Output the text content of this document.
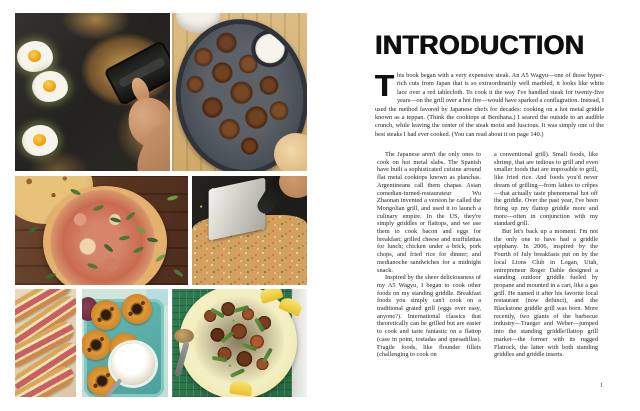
INTRODUCTION

This book began with a very expensive steak. An A5 Wagyu—one of those hyper-rich cuts from Japan that is so extraordinarily well marbled, it looks like white lace over a red tablecloth. To cook it the way I've handled steak for twenty-five years—on the grill over a hot fire—would have sparked a conflagration. Instead, I used the method favored by Japanese chefs for decades: cooking on a hot metal griddle known as a teppan. (Think the cooktops at Benihana.) I seared the outside to an audible crunch, while leaving the center of the steak moist and luscious. It was simply one of the best steaks I had ever cooked. (You can read about it on page 140.)

The Japanese aren't the only ones to cook on hot metal slabs. The Spanish have built a sophisticated cuisine around flat metal cooktops known as planchas. Argentineans call them chapas. Asian comedian-turned-restaurateur Wu Zhaonan invented a version he called the Mongolian grill, and used it to launch a culinary empire. In the US, they're simply griddles or flattops, and we use them to cook bacon and eggs for breakfast; grilled cheese and muffulettas for lunch; chicken under a brick, pork chops, and fried rice for dinner; and medianoche sandwiches for a midnight snack.

Inspired by the sheer deliciousness of my A5 Wagyu, I began to cook other foods on my standing griddle. Breakfast foods you simply can't cook on a traditional grated grill (eggs over easy, anyone?). International classics that theoretically can be grilled but are easier to cook and taste fantastic on a flattop (case in point, tostadas and quesadillas). Fragile foods, like flounder fillets (challenging to cook on

a conventional grill). Small foods, like shrimp, that are tedious to grill and even smaller foods that are impossible to grill, like fried rice. And foods you'd never dream of grilling—from latkes to crêpes—that actually taste phenomenal hot off the griddle. Over the past year, I've been firing up my flattop griddle more and more—often in conjunction with my standard grill.

But let's back up a moment. I'm not the only one to have had a griddle epiphany. In 2006, inspired by the Fourth of July breakfasts put on by the local Lions Club in Logan, Utah, entrepreneur Roger Dahle designed a standing outdoor griddle fueled by propane and mounted in a cart, like a gas grill. He named it after his favorite local restaurant (now defunct), and the Blackstone griddle grill was born. More recently, two giants of the barbecue industry—Traeger and Weber—jumped into the standing griddle/flattop grill market—the former with its rugged Flatrock, the latter with both standing griddles and griddle inserts.

1
